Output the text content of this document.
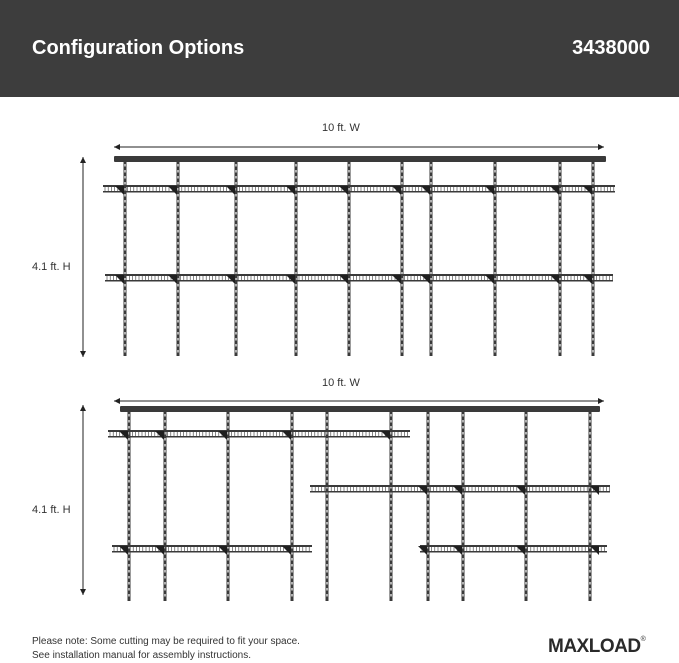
Configuration Options	3438000
10 ft. W
4.1 ft. H
10 ft. W
4.1 ft. H
Please note: Some cutting may be required to fit your space.
See installation manual for assembly instructions.	MAXLOAD®
